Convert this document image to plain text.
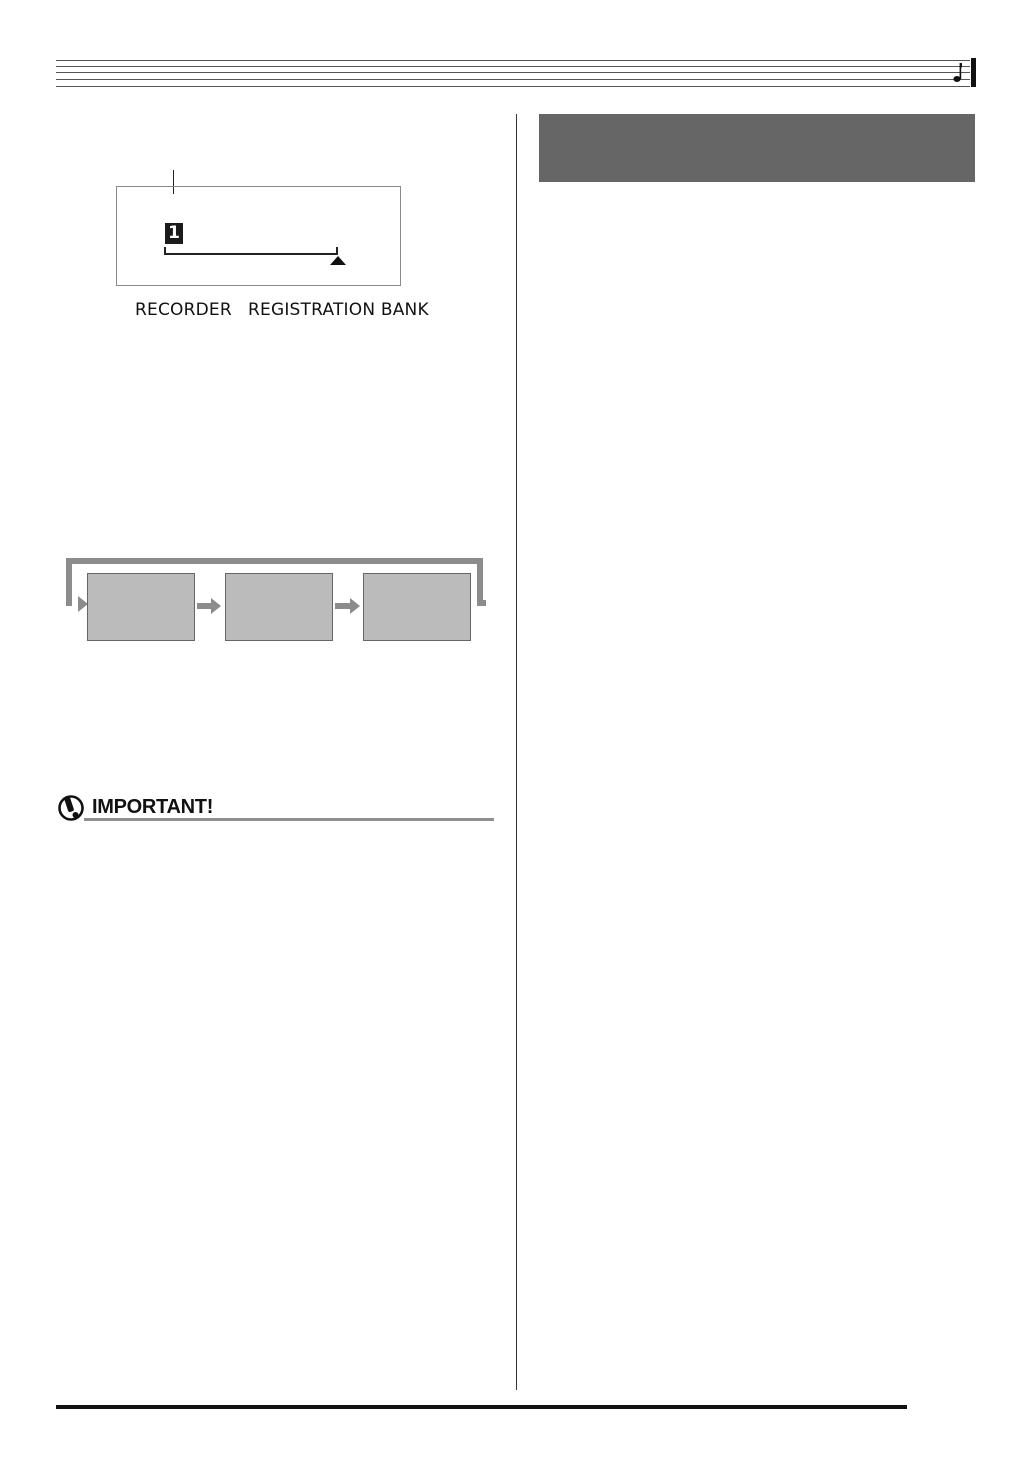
1
RECORDER REGISTRATION BANK
IMPORTANT!
